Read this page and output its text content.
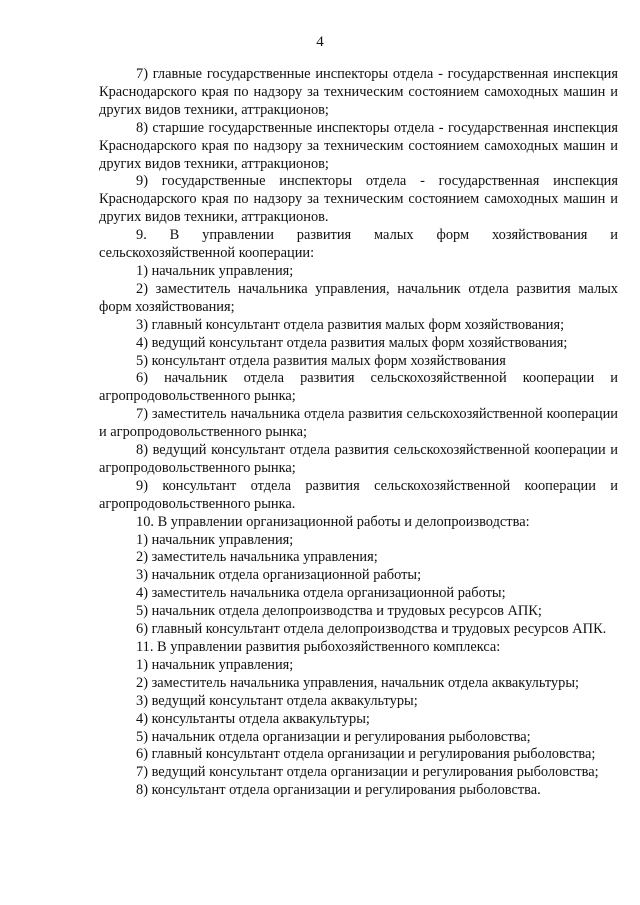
4

7) главные государственные инспекторы отдела - государственная инспекция Краснодарского края по надзору за техническим состоянием самоходных машин и других видов техники, аттракционов;

8) старшие государственные инспекторы отдела - государственная инспекция Краснодарского края по надзору за техническим состоянием самоходных машин и других видов техники, аттракционов;

9) государственные инспекторы отдела - государственная инспекция Краснодарского края по надзору за техническим состоянием самоходных машин и других видов техники, аттракционов.

9. В управлении развития малых форм хозяйствования и сельскохозяйственной кооперации:

1) начальник управления;

2) заместитель начальника управления, начальник отдела развития малых форм хозяйствования;

3) главный консультант отдела развития малых форм хозяйствования;

4) ведущий консультант отдела развития малых форм хозяйствования;

5) консультант отдела развития малых форм хозяйствования

6) начальник отдела развития сельскохозяйственной кооперации и агропродовольственного рынка;

7) заместитель начальника отдела развития сельскохозяйственной кооперации и агропродовольственного рынка;

8) ведущий консультант отдела развития сельскохозяйственной кооперации и агропродовольственного рынка;

9) консультант отдела развития сельскохозяйственной кооперации и агропродовольственного рынка.

10. В управлении организационной работы и делопроизводства:

1) начальник управления;

2) заместитель начальника управления;

3) начальник отдела организационной работы;

4) заместитель начальника отдела организационной работы;

5) начальник отдела делопроизводства и трудовых ресурсов АПК;

6) главный консультант отдела делопроизводства и трудовых ресурсов АПК.

11. В управлении развития рыбохозяйственного комплекса:

1) начальник управления;

2) заместитель начальника управления, начальник отдела аквакультуры;

3) ведущий консультант отдела аквакультуры;

4) консультанты отдела аквакультуры;

5) начальник отдела организации и регулирования рыболовства;

6) главный консультант отдела организации и регулирования рыболовства;

7) ведущий консультант отдела организации и регулирования рыболовства;

8) консультант отдела организации и регулирования рыболовства.
